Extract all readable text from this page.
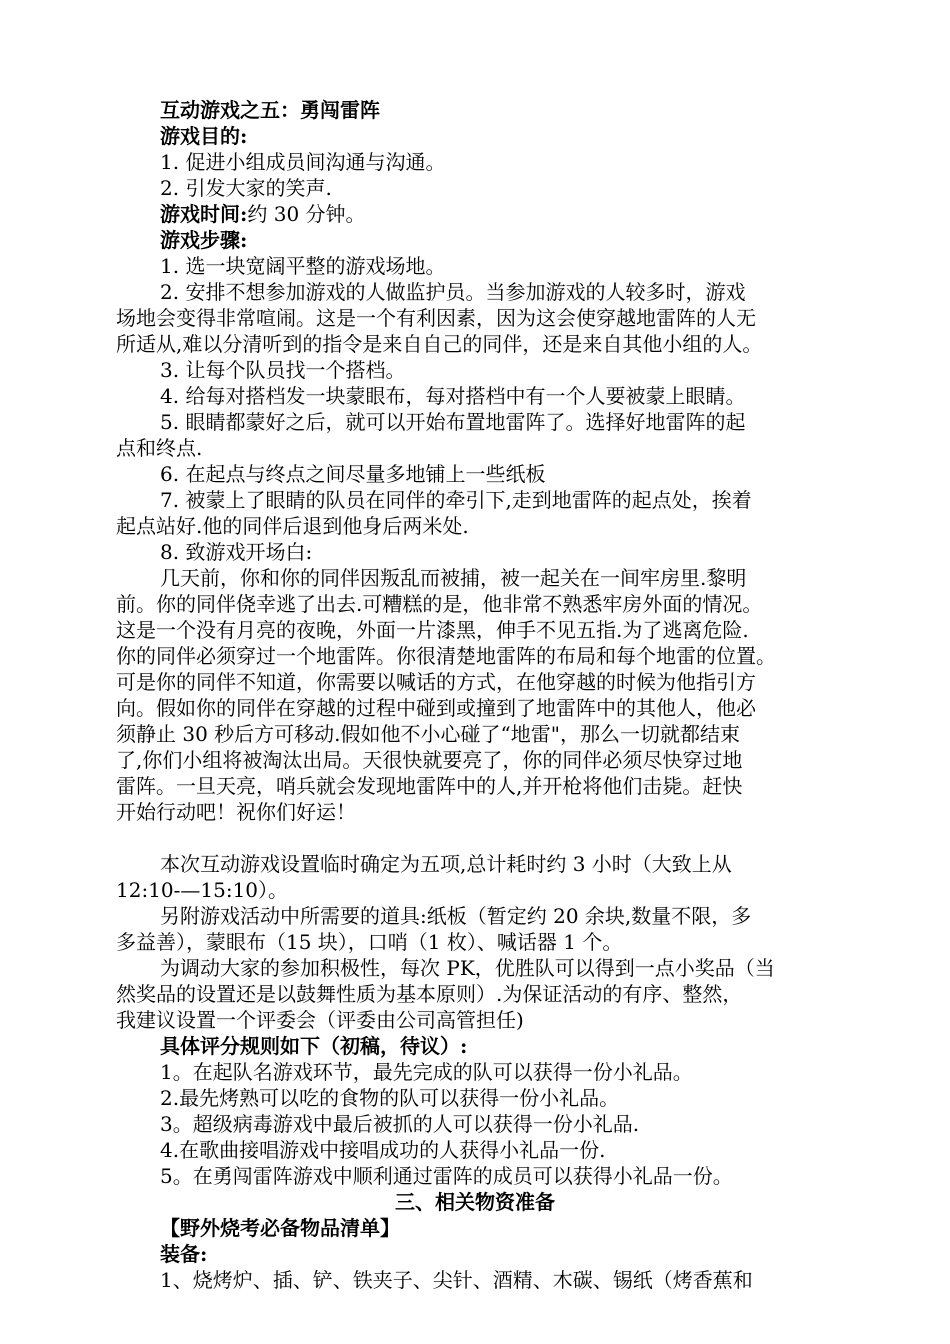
互动游戏之五：勇闯雷阵
游戏目的:
1. 促进小组成员间沟通与沟通。
2. 引发大家的笑声.
游戏时间:约 30 分钟。
游戏步骤:
1. 选一块宽阔平整的游戏场地。
2. 安排不想参加游戏的人做监护员。当参加游戏的人较多时，游戏
场地会变得非常喧闹。这是一个有利因素，因为这会使穿越地雷阵的人无
所适从,难以分清听到的指令是来自自己的同伴，还是来自其他小组的人。
3. 让每个队员找一个搭档。
4. 给每对搭档发一块蒙眼布，每对搭档中有一个人要被蒙上眼睛。
5. 眼睛都蒙好之后，就可以开始布置地雷阵了。选择好地雷阵的起
点和终点.
6. 在起点与终点之间尽量多地铺上一些纸板
7. 被蒙上了眼睛的队员在同伴的牵引下,走到地雷阵的起点处，挨着
起点站好.他的同伴后退到他身后两米处.
8. 致游戏开场白:
几天前，你和你的同伴因叛乱而被捕，被一起关在一间牢房里.黎明
前。你的同伴侥幸逃了出去.可糟糕的是，他非常不熟悉牢房外面的情况。
这是一个没有月亮的夜晚，外面一片漆黑，伸手不见五指.为了逃离危险.
你的同伴必须穿过一个地雷阵。你很清楚地雷阵的布局和每个地雷的位置。
可是你的同伴不知道，你需要以喊话的方式，在他穿越的时候为他指引方
向。假如你的同伴在穿越的过程中碰到或撞到了地雷阵中的其他人，他必
须静止 30 秒后方可移动.假如他不小心碰了“地雷"，那么一切就都结束
了,你们小组将被淘汰出局。天很快就要亮了，你的同伴必须尽快穿过地
雷阵。一旦天亮，哨兵就会发现地雷阵中的人,并开枪将他们击毙。赶快
开始行动吧！祝你们好运！
本次互动游戏设置临时确定为五项,总计耗时约 3 小时（大致上从
12:10-—15:10）。
另附游戏活动中所需要的道具:纸板（暂定约 20 余块,数量不限，多
多益善），蒙眼布（15 块），口哨（1 枚）、喊话器 1 个。
为调动大家的参加积极性，每次 PK，优胜队可以得到一点小奖品（当
然奖品的设置还是以鼓舞性质为基本原则）.为保证活动的有序、整然，
我建议设置一个评委会（评委由公司高管担任)
具体评分规则如下（初稿，待议）:
1。在起队名游戏环节，最先完成的队可以获得一份小礼品。
2.最先烤熟可以吃的食物的队可以获得一份小礼品。
3。超级病毒游戏中最后被抓的人可以获得一份小礼品.
4.在歌曲接唱游戏中接唱成功的人获得小礼品一份.
5。在勇闯雷阵游戏中顺利通过雷阵的成员可以获得小礼品一份。
三、相关物资准备
【野外烧考必备物品清单】
装备:
1、烧烤炉、插、铲、铁夹子、尖针、酒精、木碳、锡纸（烤香蕉和
